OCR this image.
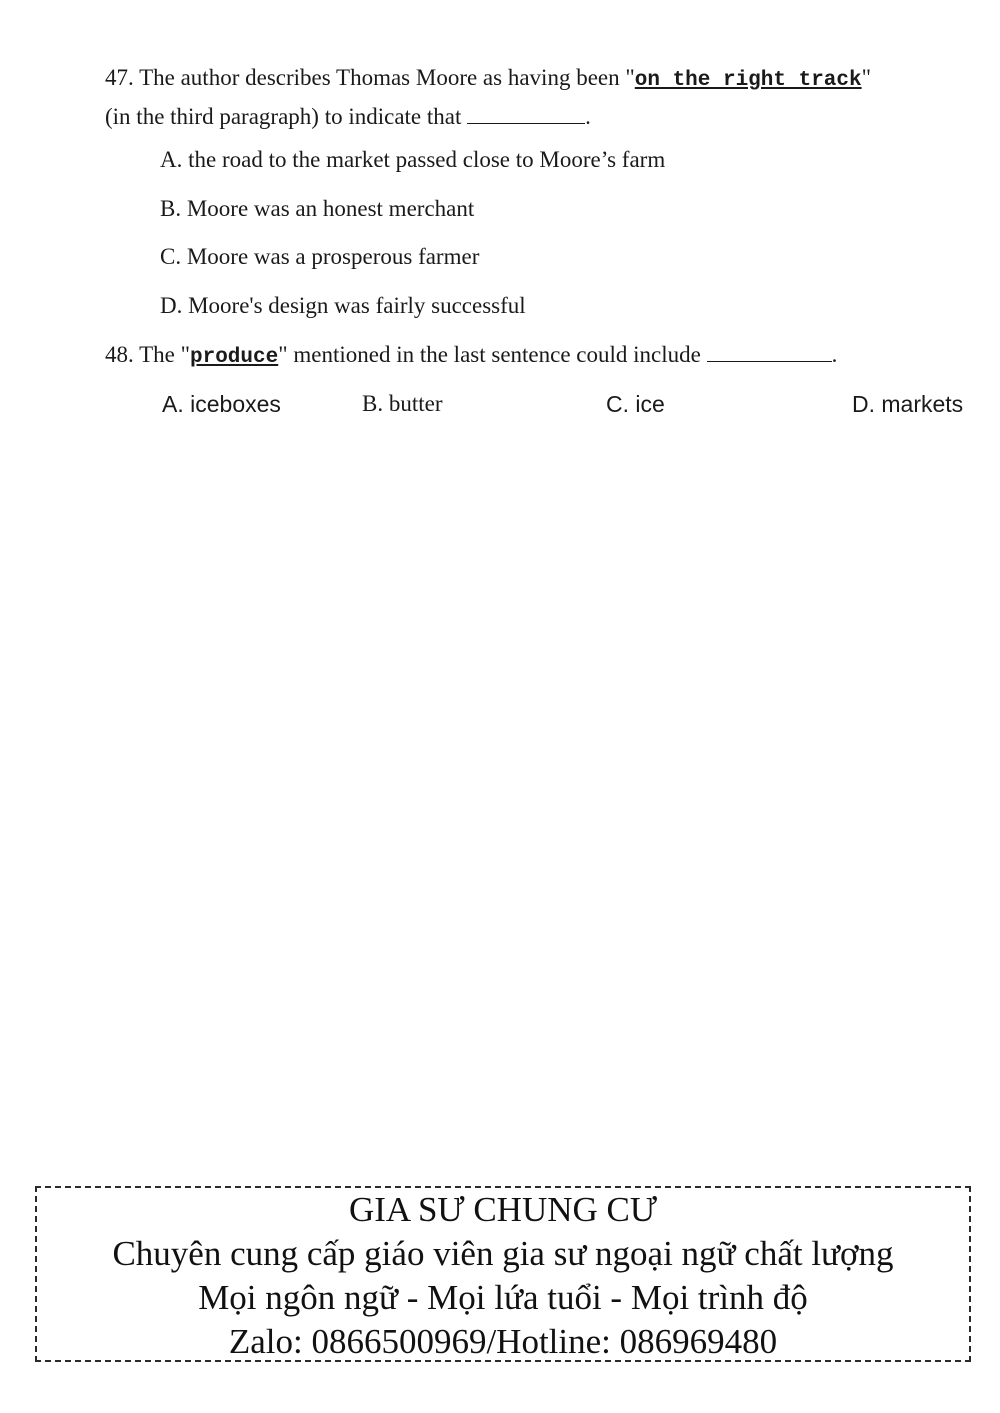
47. The author describes Thomas Moore as having been "on the right track"
(in the third paragraph) to indicate that	.
A. the road to the market passed close to Moore’s farm
B. Moore was an honest merchant
C. Moore was a prosperous farmer
D. Moore's design was fairly successful
48. The "produce" mentioned in the last sentence could include	.
A. iceboxes	B. butter	C. ice	D. markets
GIA SƯ CHUNG CƯ
Chuyên cung cấp giáo viên gia sư ngoại ngữ chất lượng
Mọi ngôn ngữ - Mọi lứa tuổi - Mọi trình độ
Zalo: 0866500969/Hotline: 086969480
